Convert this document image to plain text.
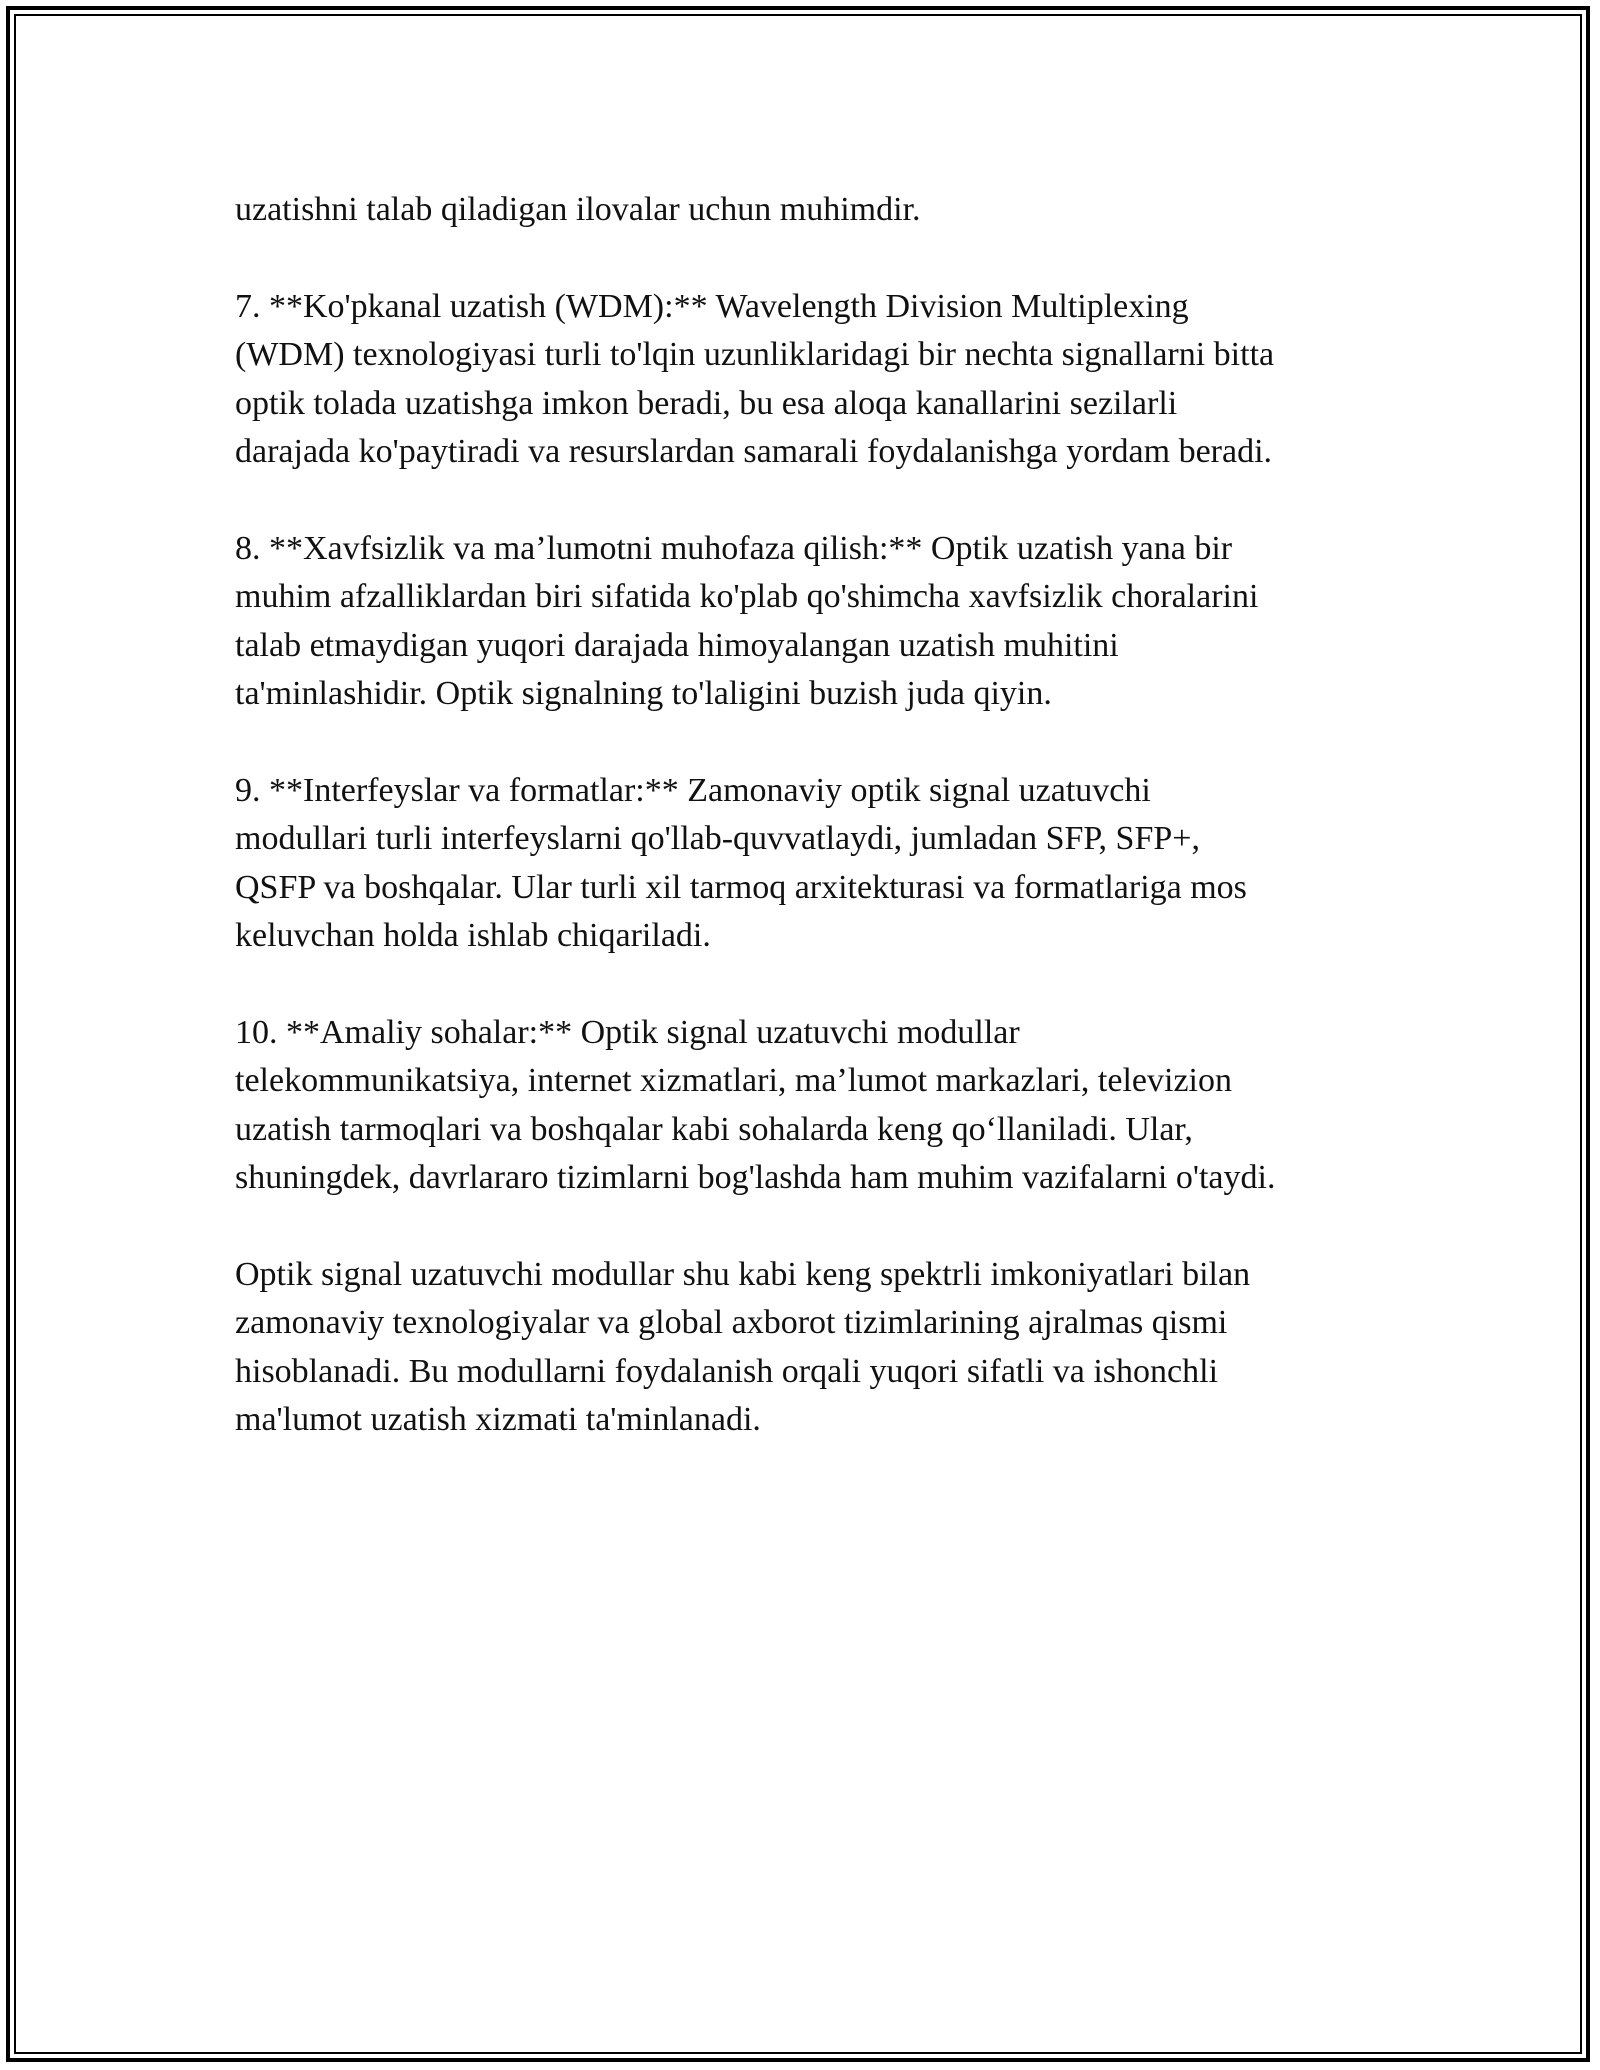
uzatishni talab qiladigan ilovalar uchun muhimdir.

7. **Ko'pkanal uzatish (WDM):** Wavelength Division Multiplexing
(WDM) texnologiyasi turli to'lqin uzunliklaridagi bir nechta signallarni bitta
optik tolada uzatishga imkon beradi, bu esa aloqa kanallarini sezilarli
darajada ko'paytiradi va resurslardan samarali foydalanishga yordam beradi.

8. **Xavfsizlik va ma’lumotni muhofaza qilish:** Optik uzatish yana bir
muhim afzalliklardan biri sifatida ko'plab qo'shimcha xavfsizlik choralarini
talab etmaydigan yuqori darajada himoyalangan uzatish muhitini
ta'minlashidir. Optik signalning to'laligini buzish juda qiyin.

9. **Interfeyslar va formatlar:** Zamonaviy optik signal uzatuvchi
modullari turli interfeyslarni qo'llab-quvvatlaydi, jumladan SFP, SFP+,
QSFP va boshqalar. Ular turli xil tarmoq arxitekturasi va formatlariga mos
keluvchan holda ishlab chiqariladi.

10. **Amaliy sohalar:** Optik signal uzatuvchi modullar
telekommunikatsiya, internet xizmatlari, ma’lumot markazlari, televizion
uzatish tarmoqlari va boshqalar kabi sohalarda keng qo‘llaniladi. Ular,
shuningdek, davrlararo tizimlarni bog'lashda ham muhim vazifalarni o'taydi.

Optik signal uzatuvchi modullar shu kabi keng spektrli imkoniyatlari bilan
zamonaviy texnologiyalar va global axborot tizimlarining ajralmas qismi
hisoblanadi. Bu modullarni foydalanish orqali yuqori sifatli va ishonchli
ma'lumot uzatish xizmati ta'minlanadi.
